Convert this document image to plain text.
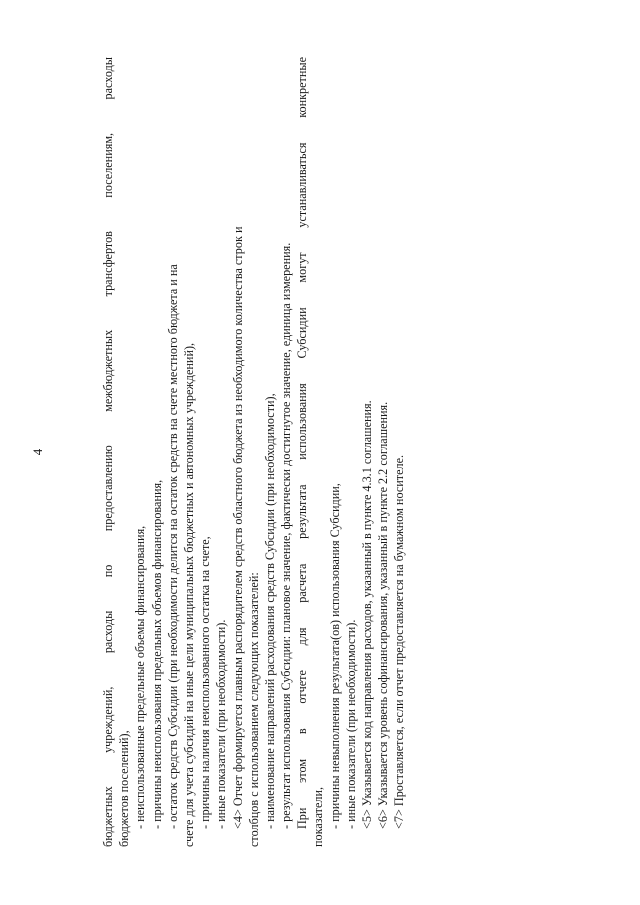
4	бюджетных учреждений, расходы по предоставлению межбюджетных трансфертов поселениям, расходы бюджетов поселений), - неиспользованные предельные объемы финансирования, - причины неиспользования предельных объемов финансирования, - остаток средств Субсидии (при необходимости делится на остаток средств на счете местного бюджета и на счете для учета субсидий на иные цели муниципальных бюджетных и автономных учреждений), - причины наличия неиспользованного остатка на счете, - иные показатели (при необходимости). <4> Отчет формируется главным распорядителем средств областного бюджета из необходимого количества строк и столбцов с использованием следующих показателей: - наименование направлений расходования средств Субсидии (при необходимости), - результат использования Субсидии: плановое значение, фактически достигнутое значение, единица измерения. При этом в отчете для расчета результата использования Субсидии могут устанавливаться конкретные показатели, - причины невыполнения результата(ов) использования Субсидии, - иные показатели (при необходимости). <5> Указывается код направления расходов, указанный в пункте 4.3.1 соглашения. <6> Указывается уровень софинансирования, указанный в пункте 2.2 соглашения. <7> Проставляется, если отчет предоставляется на бумажном носителе.
